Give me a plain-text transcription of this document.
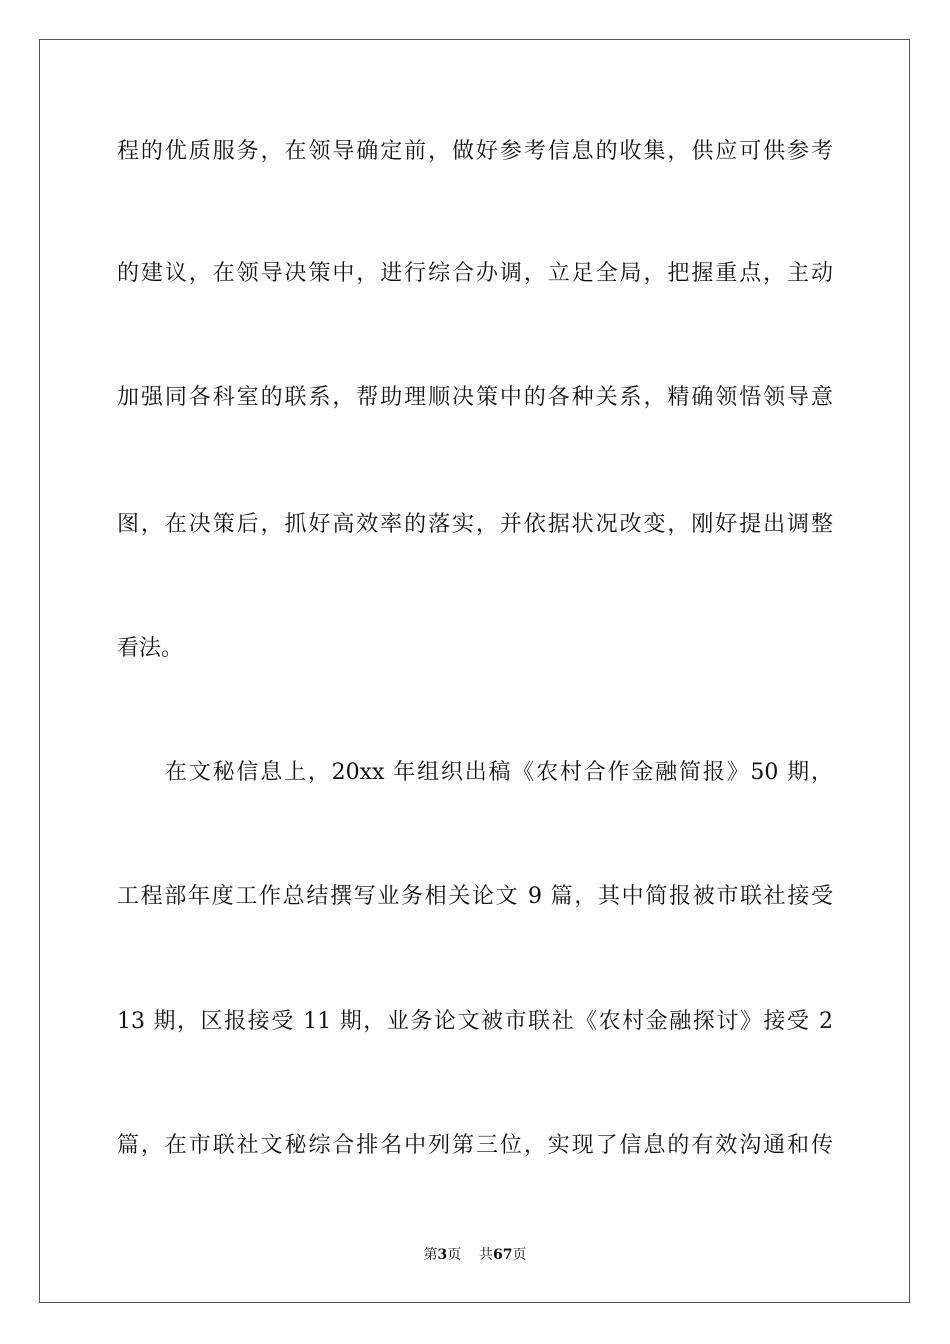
程的优质服务，在领导确定前，做好参考信息的收集，供应可供参考
的建议，在领导决策中，进行综合办调，立足全局，把握重点，主动
加强同各科室的联系，帮助理顺决策中的各种关系，精确领悟领导意
图，在决策后，抓好高效率的落实，并依据状况改变，刚好提出调整
看法。
在文秘信息上，20xx 年组织出稿《农村合作金融简报》50 期，
工程部年度工作总结撰写业务相关论文 9 篇，其中简报被市联社接受
13 期，区报接受 11 期，业务论文被市联社《农村金融探讨》接受 2
篇，在市联社文秘综合排名中列第三位，实现了信息的有效沟通和传
第3页 共67页
